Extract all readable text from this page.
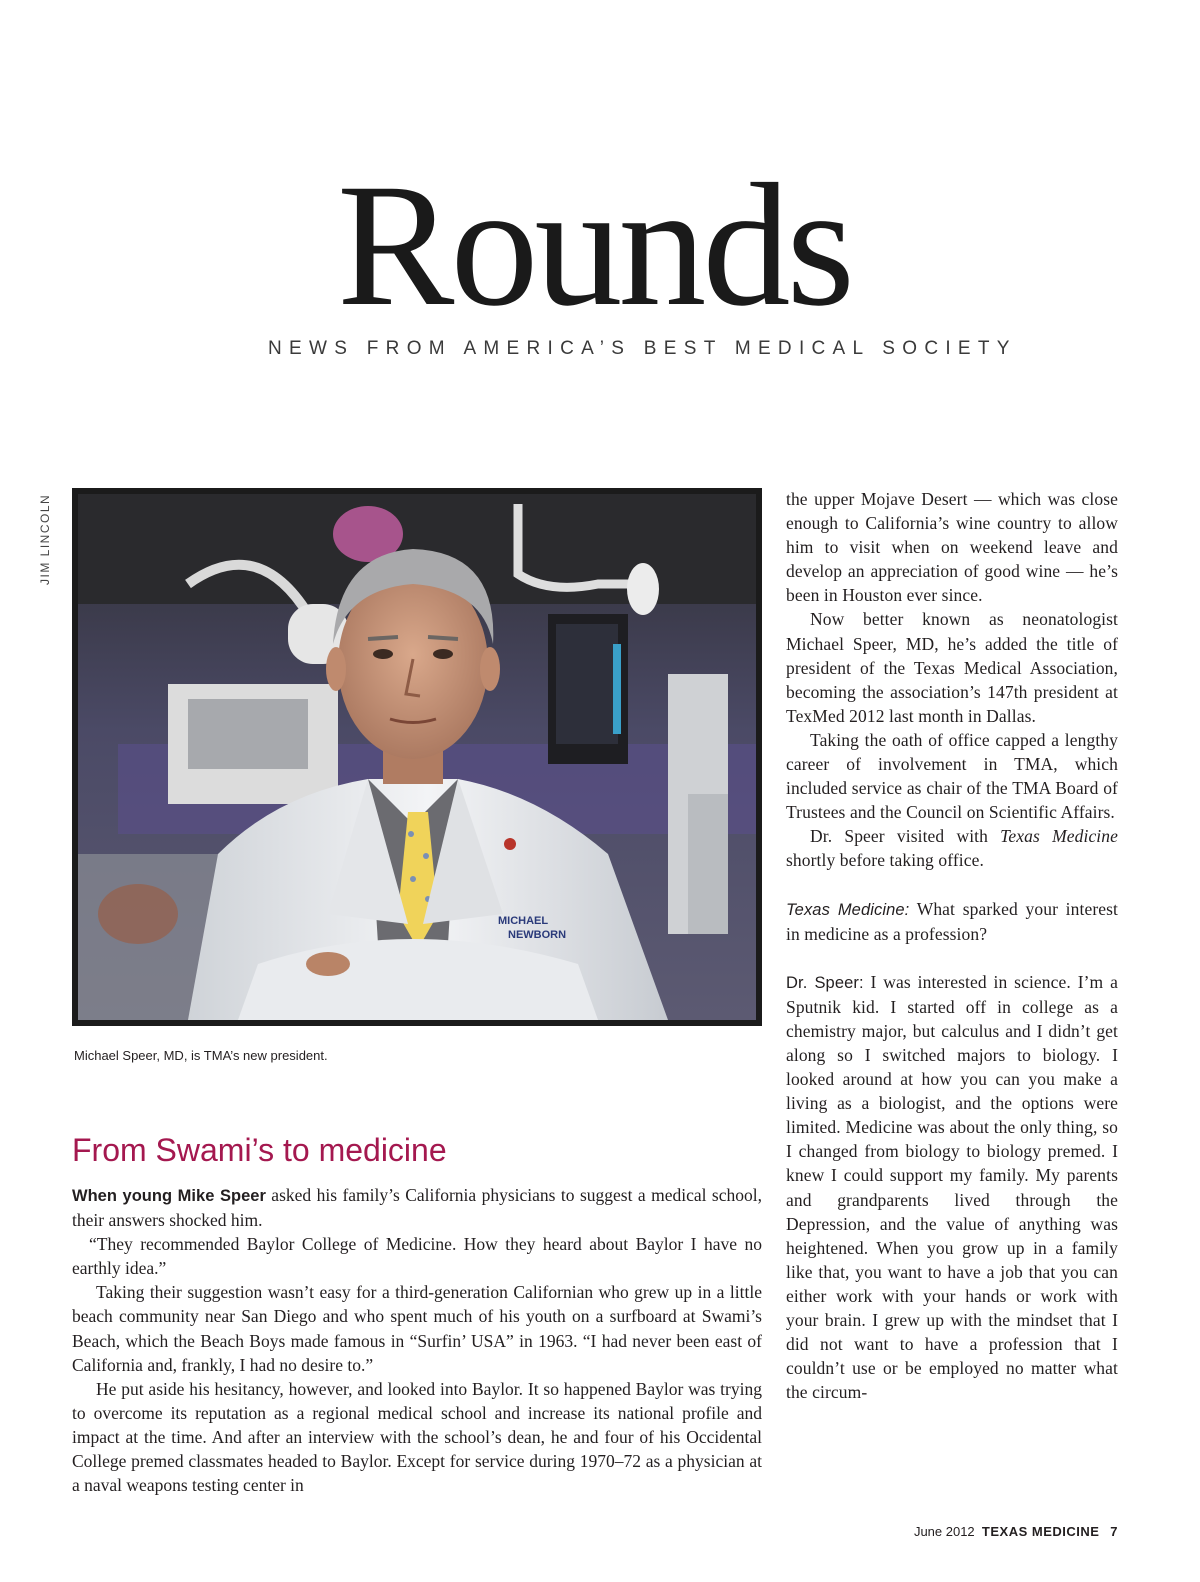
Rounds
NEWS FROM AMERICA’S BEST MEDICAL SOCIETY
JIM LINCOLN
MICHAEL
NEWBORN
Michael Speer, MD, is TMA’s new president.
From Swami’s to medicine

When young Mike Speer asked his family’s California physicians to suggest a medical school, their answers shocked him.

“They recommended Baylor College of Medicine. How they heard about Baylor I have no earthly idea.”

Taking their suggestion wasn’t easy for a third-generation Californian who grew up in a little beach community near San Diego and who spent much of his youth on a surfboard at Swami’s Beach, which the Beach Boys made famous in “Surfin’ USA” in 1963. “I had never been east of California and, frankly, I had no desire to.”

He put aside his hesitancy, however, and looked into Baylor. It so happened Baylor was trying to overcome its reputation as a regional medical school and increase its national profile and impact at the time. And after an interview with the school’s dean, he and four of his Occidental College premed classmates headed to Baylor. Except for service during 1970–72 as a physician at a naval weapons testing center in

the upper Mojave Desert — which was close enough to California’s wine country to allow him to visit when on weekend leave and develop an appreciation of good wine — he’s been in Houston ever since.

Now better known as neonatologist Michael Speer, MD, he’s added the title of president of the Texas Medical Association, becoming the association’s 147th president at TexMed 2012 last month in Dallas.

Taking the oath of office capped a lengthy career of involvement in TMA, which included service as chair of the TMA Board of Trustees and the Council on Scientific Affairs.

Dr. Speer visited with Texas Medicine shortly before taking office.

Texas Medicine: What sparked your interest in medicine as a profession?

Dr. Speer: I was interested in science. I’m a Sputnik kid. I started off in college as a chemistry major, but calculus and I didn’t get along so I switched majors to biology. I looked around at how you can you make a living as a biologist, and the options were limited. Medicine was about the only thing, so I changed from biology to biology premed. I knew I could support my family. My parents and grandparents lived through the Depression, and the value of anything was heightened. When you grow up in a family like that, you want to have a job that you can either work with your hands or work with your brain. I grew up with the mindset that I did not want to have a profession that I couldn’t use or be employed no matter what the circum-

June 2012 TEXAS MEDICINE 7
